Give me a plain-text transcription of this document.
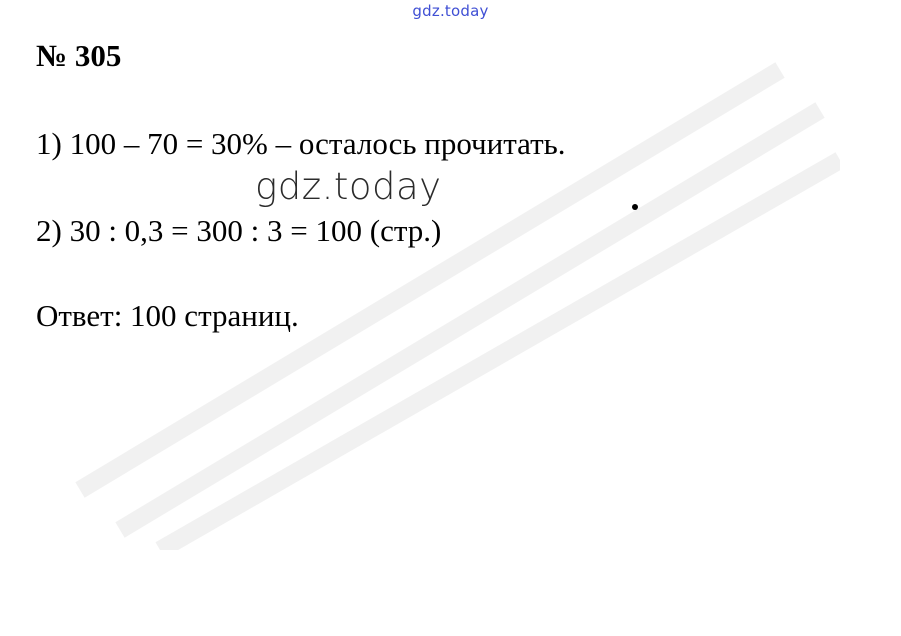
gdz.today
№ 305

1) 100 – 70 = 30% – осталось прочитать.

gdz.today

2) 30 : 0,3 = 300 : 3 = 100 (стр.)

Ответ: 100 страниц.
